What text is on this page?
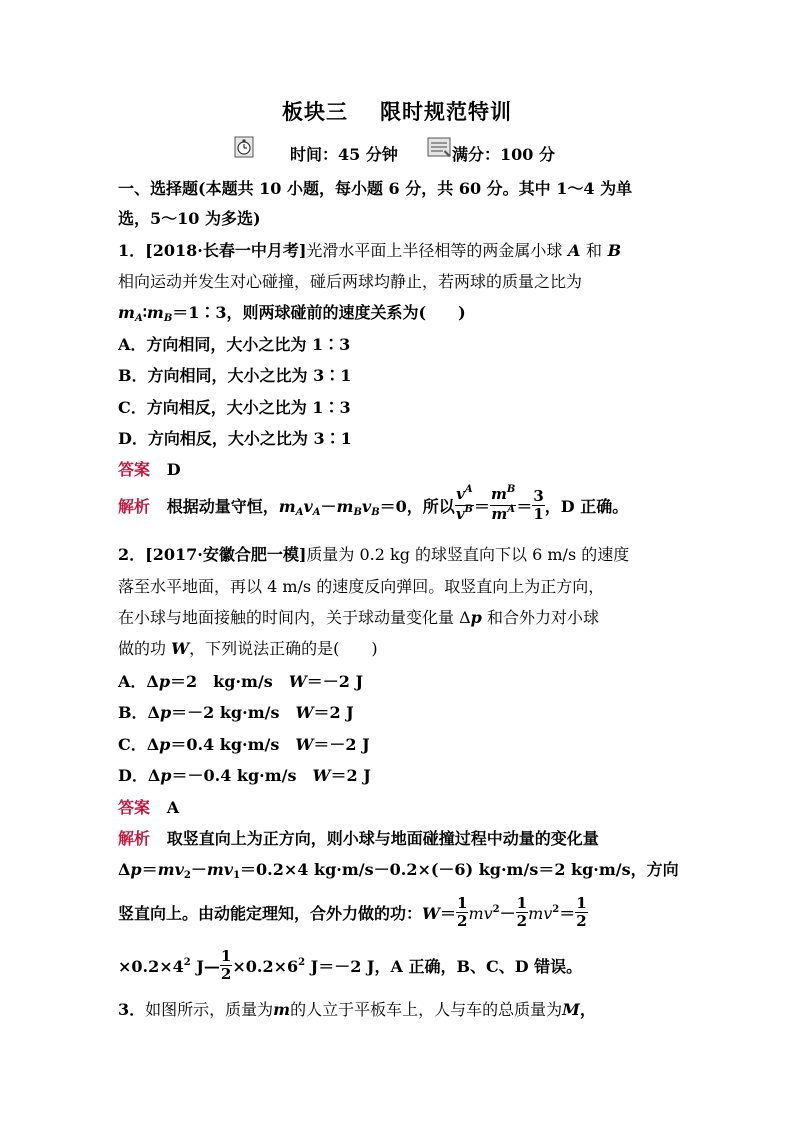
板块三 限时规范特训
时间：45 分钟	满分：100 分
一、选择题(本题共 10 小题，每小题 6 分，共 60 分。其中 1～4 为单
选，5～10 为多选)
1．[2018·长春一中月考]光滑水平面上半径相等的两金属小球 A 和 B
相向运动并发生对心碰撞，碰后两球均静止，若两球的质量之比为
mA∶mB＝1∶3，则两球碰前的速度关系为(　　)
A．方向相同，大小之比为 1∶3
B．方向相同，大小之比为 3∶1
C．方向相反，大小之比为 1∶3
D．方向相反，大小之比为 3∶1
答案 D
解析 根据动量守恒，mAvA－mBvB＝0，所以 $\frac{v^A}{v^B} = \frac{m^B}{m^A} = \frac{3}{1}$ ，D 正确。
2．[2017·安徽合肥一模]质量为 0.2 kg 的球竖直向下以 6 m/s 的速度
落至水平地面，再以 4 m/s 的速度反向弹回。取竖直向上为正方向，
在小球与地面接触的时间内，关于球动量变化量 Δp 和合外力对小球
做的功 W，下列说法正确的是(　　)
A．Δp＝2　kg·m/s　W＝－2 J
B．Δp＝－2 kg·m/s　W＝2 J
C．Δp＝0.4 kg·m/s　W＝－2 J
D．Δp＝－0.4 kg·m/s　W＝2 J
答案 A
解析 取竖直向上为正方向，则小球与地面碰撞过程中动量的变化量
Δp＝mv2－mv1＝0.2×4 kg·m/s－0.2×(－6) kg·m/s＝2 kg·m/s，方向
竖直向上。由动能定理知，合外力做的功：$W= \frac{1}{2} mv^2- \frac{1}{2} mv^2= \frac{1}{2}$
$\times 0.2\times 4^2$ J— $\frac{1}{2} \times 0.2\times 6^2$ J＝－2 J，A 正确，B、C、D 错误。
3．如图所示，质量为m的人立于平板车上，人与车的总质量为M，
